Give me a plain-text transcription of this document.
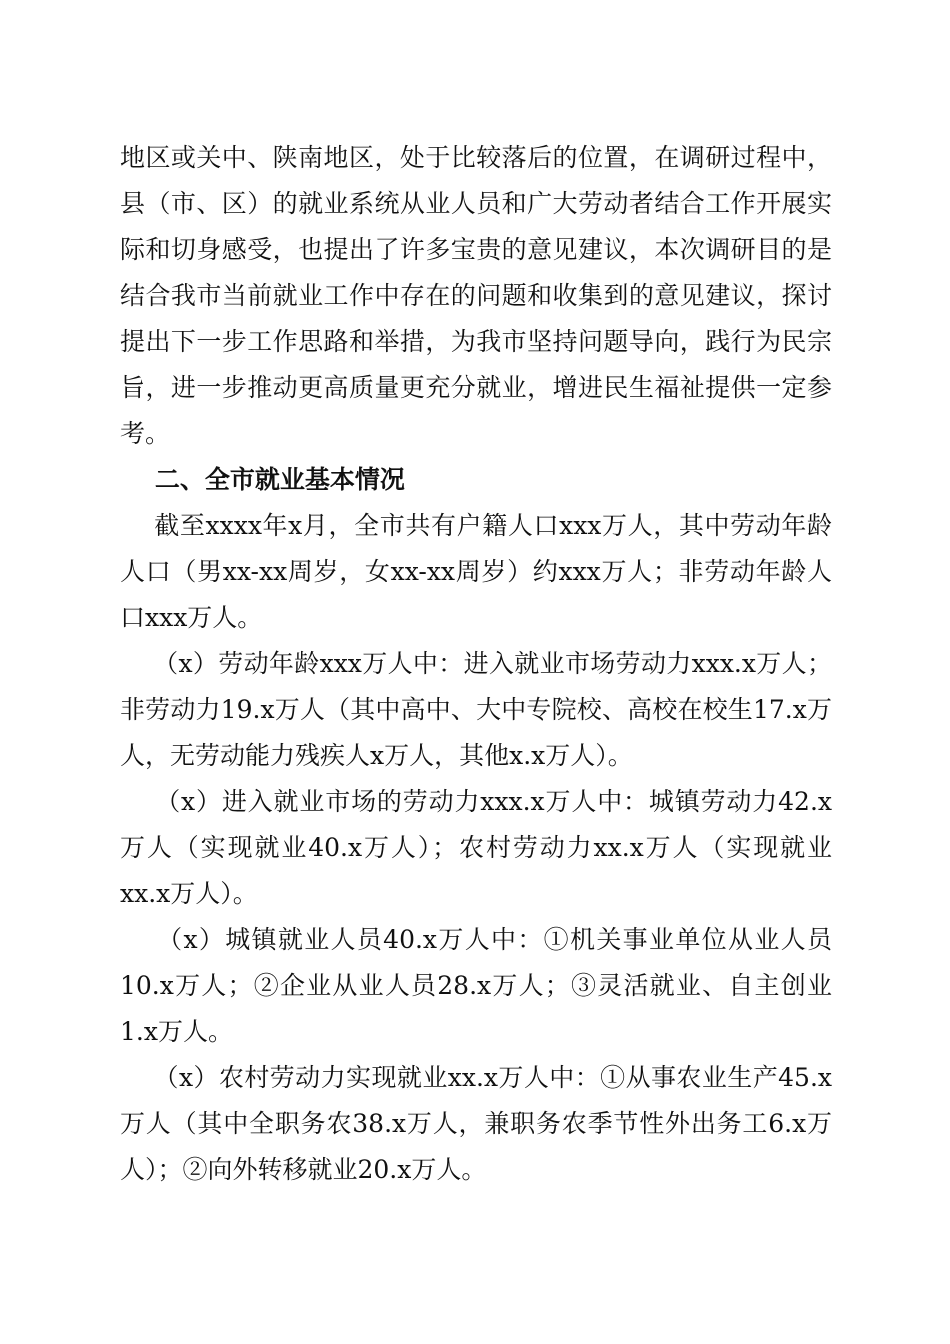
地区或关中、陕南地区，处于比较落后的位置，在调研过程中，县（市、区）的就业系统从业人员和广大劳动者结合工作开展实际和切身感受，也提出了许多宝贵的意见建议，本次调研目的是结合我市当前就业工作中存在的问题和收集到的意见建议，探讨提出下一步工作思路和举措，为我市坚持问题导向，践行为民宗旨，进一步推动更高质量更充分就业，增进民生福祉提供一定参考。

二、全市就业基本情况

截至xxxx年x月，全市共有户籍人口xxx万人，其中劳动年龄人口（男xx-xx周岁，女xx-xx周岁）约xxx万人；非劳动年龄人口xxx万人。

（x）劳动年龄xxx万人中：进入就业市场劳动力xxx.x万人；非劳动力19.x万人（其中高中、大中专院校、高校在校生17.x万人，无劳动能力残疾人x万人，其他x.x万人）。

（x）进入就业市场的劳动力xxx.x万人中：城镇劳动力42.x万人（实现就业40.x万人）；农村劳动力xx.x万人（实现就业xx.x万人）。

（x）城镇就业人员40.x万人中：①机关事业单位从业人员10.x万人；②企业从业人员28.x万人；③灵活就业、自主创业1.x万人。

（x）农村劳动力实现就业xx.x万人中：①从事农业生产45.x万人（其中全职务农38.x万人，兼职务农季节性外出务工6.x万人）；②向外转移就业20.x万人。
